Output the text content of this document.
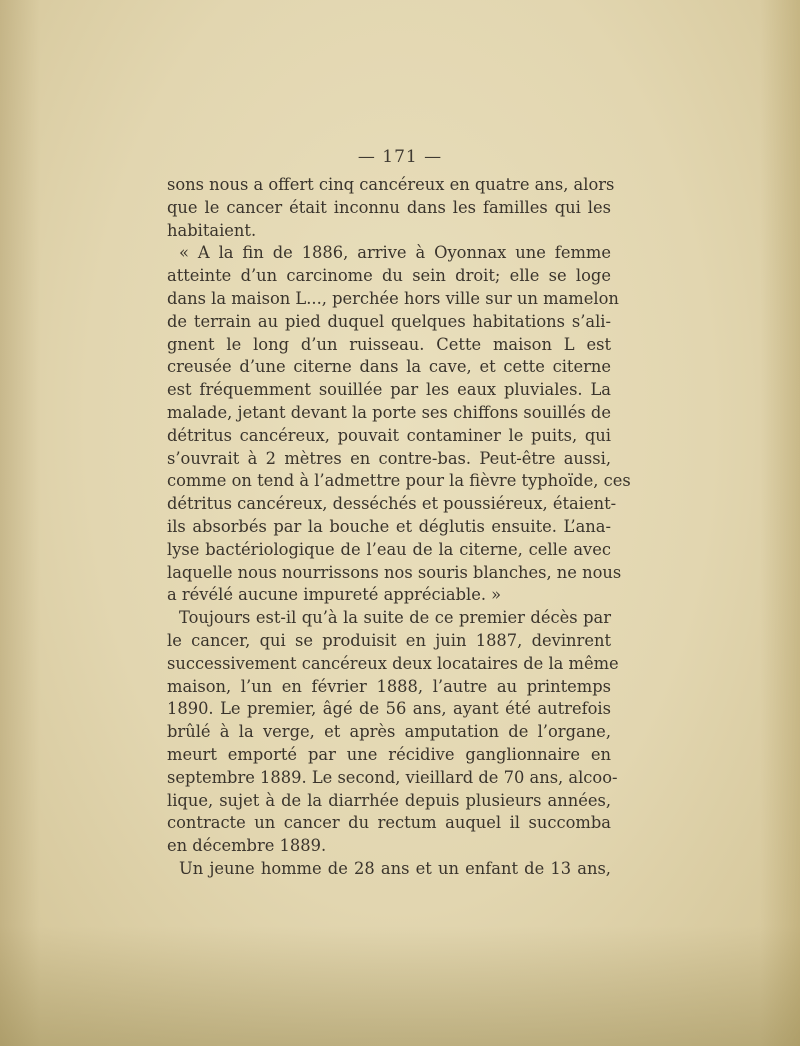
— 171 —
sons nous a offert cinq cancéreux en quatre ans, alors
que le cancer était inconnu dans les familles qui les
habitaient.
« A la fin de 1886, arrive à Oyonnax une femme
atteinte d’un carcinome du sein droit; elle se loge
dans la maison L..., perchée hors ville sur un mamelon
de terrain au pied duquel quelques habitations s’ali-
gnent le long d’un ruisseau. Cette maison L est
creusée d’une citerne dans la cave, et cette citerne
est fréquemment souillée par les eaux pluviales. La
malade, jetant devant la porte ses chiffons souillés de
détritus cancéreux, pouvait contaminer le puits, qui
s’ouvrait à 2 mètres en contre-bas. Peut-être aussi,
comme on tend à l’admettre pour la fièvre typhoïde, ces
détritus cancéreux, desséchés et poussiéreux, étaient-
ils absorbés par la bouche et déglutis ensuite. L’ana-
lyse bactériologique de l’eau de la citerne, celle avec
laquelle nous nourrissons nos souris blanches, ne nous
a révélé aucune impureté appréciable. »
Toujours est-il qu’à la suite de ce premier décès par
le cancer, qui se produisit en juin 1887, devinrent
successivement cancéreux deux locataires de la même
maison, l’un en février 1888, l’autre au printemps
1890. Le premier, âgé de 56 ans, ayant été autrefois
brûlé à la verge, et après amputation de l’organe,
meurt emporté par une récidive ganglionnaire en
septembre 1889. Le second, vieillard de 70 ans, alcoo-
lique, sujet à de la diarrhée depuis plusieurs années,
contracte un cancer du rectum auquel il succomba
en décembre 1889.
Un jeune homme de 28 ans et un enfant de 13 ans,
